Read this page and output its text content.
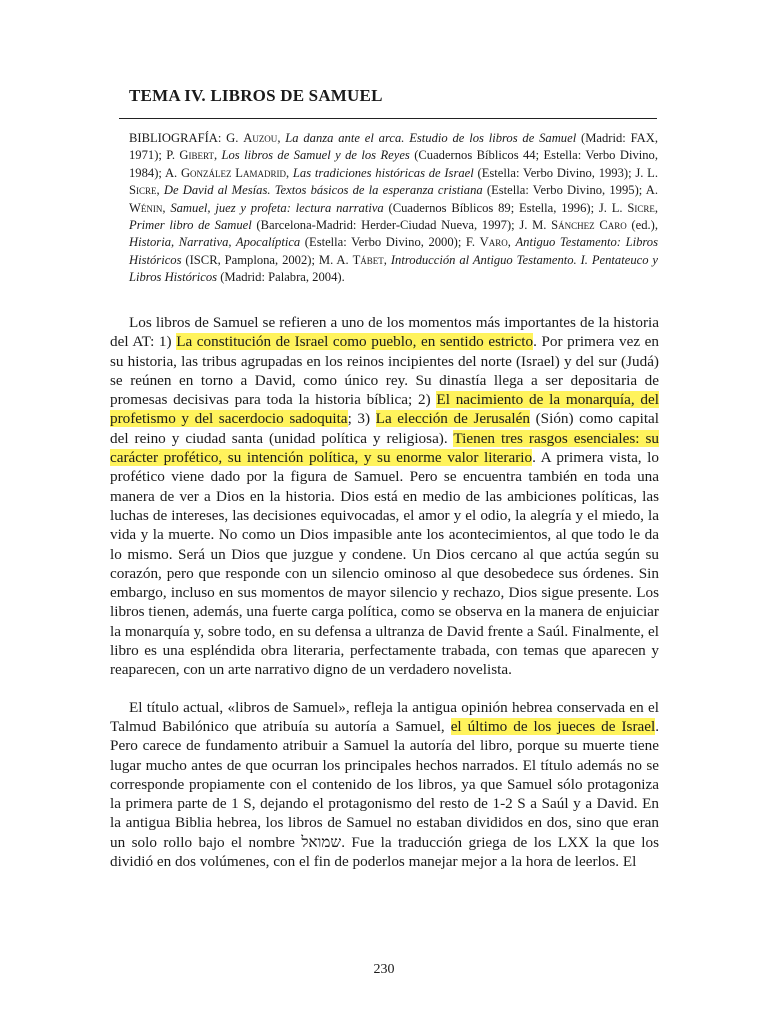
TEMA IV. LIBROS DE SAMUEL

BIBLIOGRAFÍA: G. Auzou, La danza ante el arca. Estudio de los libros de Samuel (Madrid: FAX, 1971); P. Gibert, Los libros de Samuel y de los Reyes (Cuadernos Bíblicos 44; Estella: Verbo Divino, 1984); A. González Lamadrid, Las tradiciones históricas de Israel (Estella: Verbo Divino, 1993); J. L. Sicre, De David al Mesías. Textos básicos de la esperanza cristiana (Estella: Verbo Divino, 1995); A. Wénin, Samuel, juez y profeta: lectura narrativa (Cuadernos Bíblicos 89; Estella, 1996); J. L. Sicre, Primer libro de Samuel (Barcelona-Madrid: Herder-Ciudad Nueva, 1997); J. M. Sánchez Caro (ed.), Historia, Narrativa, Apocalíptica (Estella: Verbo Divino, 2000); F. Varo, Antiguo Testamento: Libros Históricos (ISCR, Pamplona, 2002); M. A. Tábet, Introducción al Antiguo Testamento. I. Pentateuco y Libros Históricos (Madrid: Palabra, 2004).

Los libros de Samuel se refieren a uno de los momentos más importantes de la historia del AT: 1) La constitución de Israel como pueblo, en sentido estricto. Por primera vez en su historia, las tribus agrupadas en los reinos incipientes del norte (Israel) y del sur (Judá) se reúnen en torno a David, como único rey. Su dinastía llega a ser depositaria de promesas decisivas para toda la historia bíblica; 2) El nacimiento de la monarquía, del profetismo y del sacerdocio sadoquita; 3) La elección de Jerusalén (Sión) como capital del reino y ciudad santa (unidad política y religiosa). Tienen tres rasgos esenciales: su carácter profético, su intención política, y su enorme valor literario. A primera vista, lo profético viene dado por la figura de Samuel. Pero se encuentra también en toda una manera de ver a Dios en la historia. Dios está en medio de las ambiciones políticas, las luchas de intereses, las decisiones equivocadas, el amor y el odio, la alegría y el miedo, la vida y la muerte. No como un Dios impasible ante los acontecimientos, al que todo le da lo mismo. Será un Dios que juzgue y condene. Un Dios cercano al que actúa según su corazón, pero que responde con un silencio ominoso al que desobedece sus órdenes. Sin embargo, incluso en sus momentos de mayor silencio y rechazo, Dios sigue presente. Los libros tienen, además, una fuerte carga política, como se observa en la manera de enjuiciar la monarquía y, sobre todo, en su defensa a ultranza de David frente a Saúl. Finalmente, el libro es una espléndida obra literaria, perfectamente trabada, con temas que aparecen y reaparecen, con un arte narrativo digno de un verdadero novelista.

El título actual, «libros de Samuel», refleja la antigua opinión hebrea conservada en el Talmud Babilónico que atribuía su autoría a Samuel, el último de los jueces de Israel. Pero carece de fundamento atribuir a Samuel la autoría del libro, porque su muerte tiene lugar mucho antes de que ocurran los principales hechos narrados. El título además no se corresponde propiamente con el contenido de los libros, ya que Samuel sólo protagoniza la primera parte de 1 S, dejando el protagonismo del resto de 1-2 S a Saúl y a David. En la antigua Biblia hebrea, los libros de Samuel no estaban divididos en dos, sino que eran un solo rollo bajo el nombre שמואל. Fue la traducción griega de los LXX la que los dividió en dos volúmenes, con el fin de poderlos manejar mejor a la hora de leerlos. El

230
